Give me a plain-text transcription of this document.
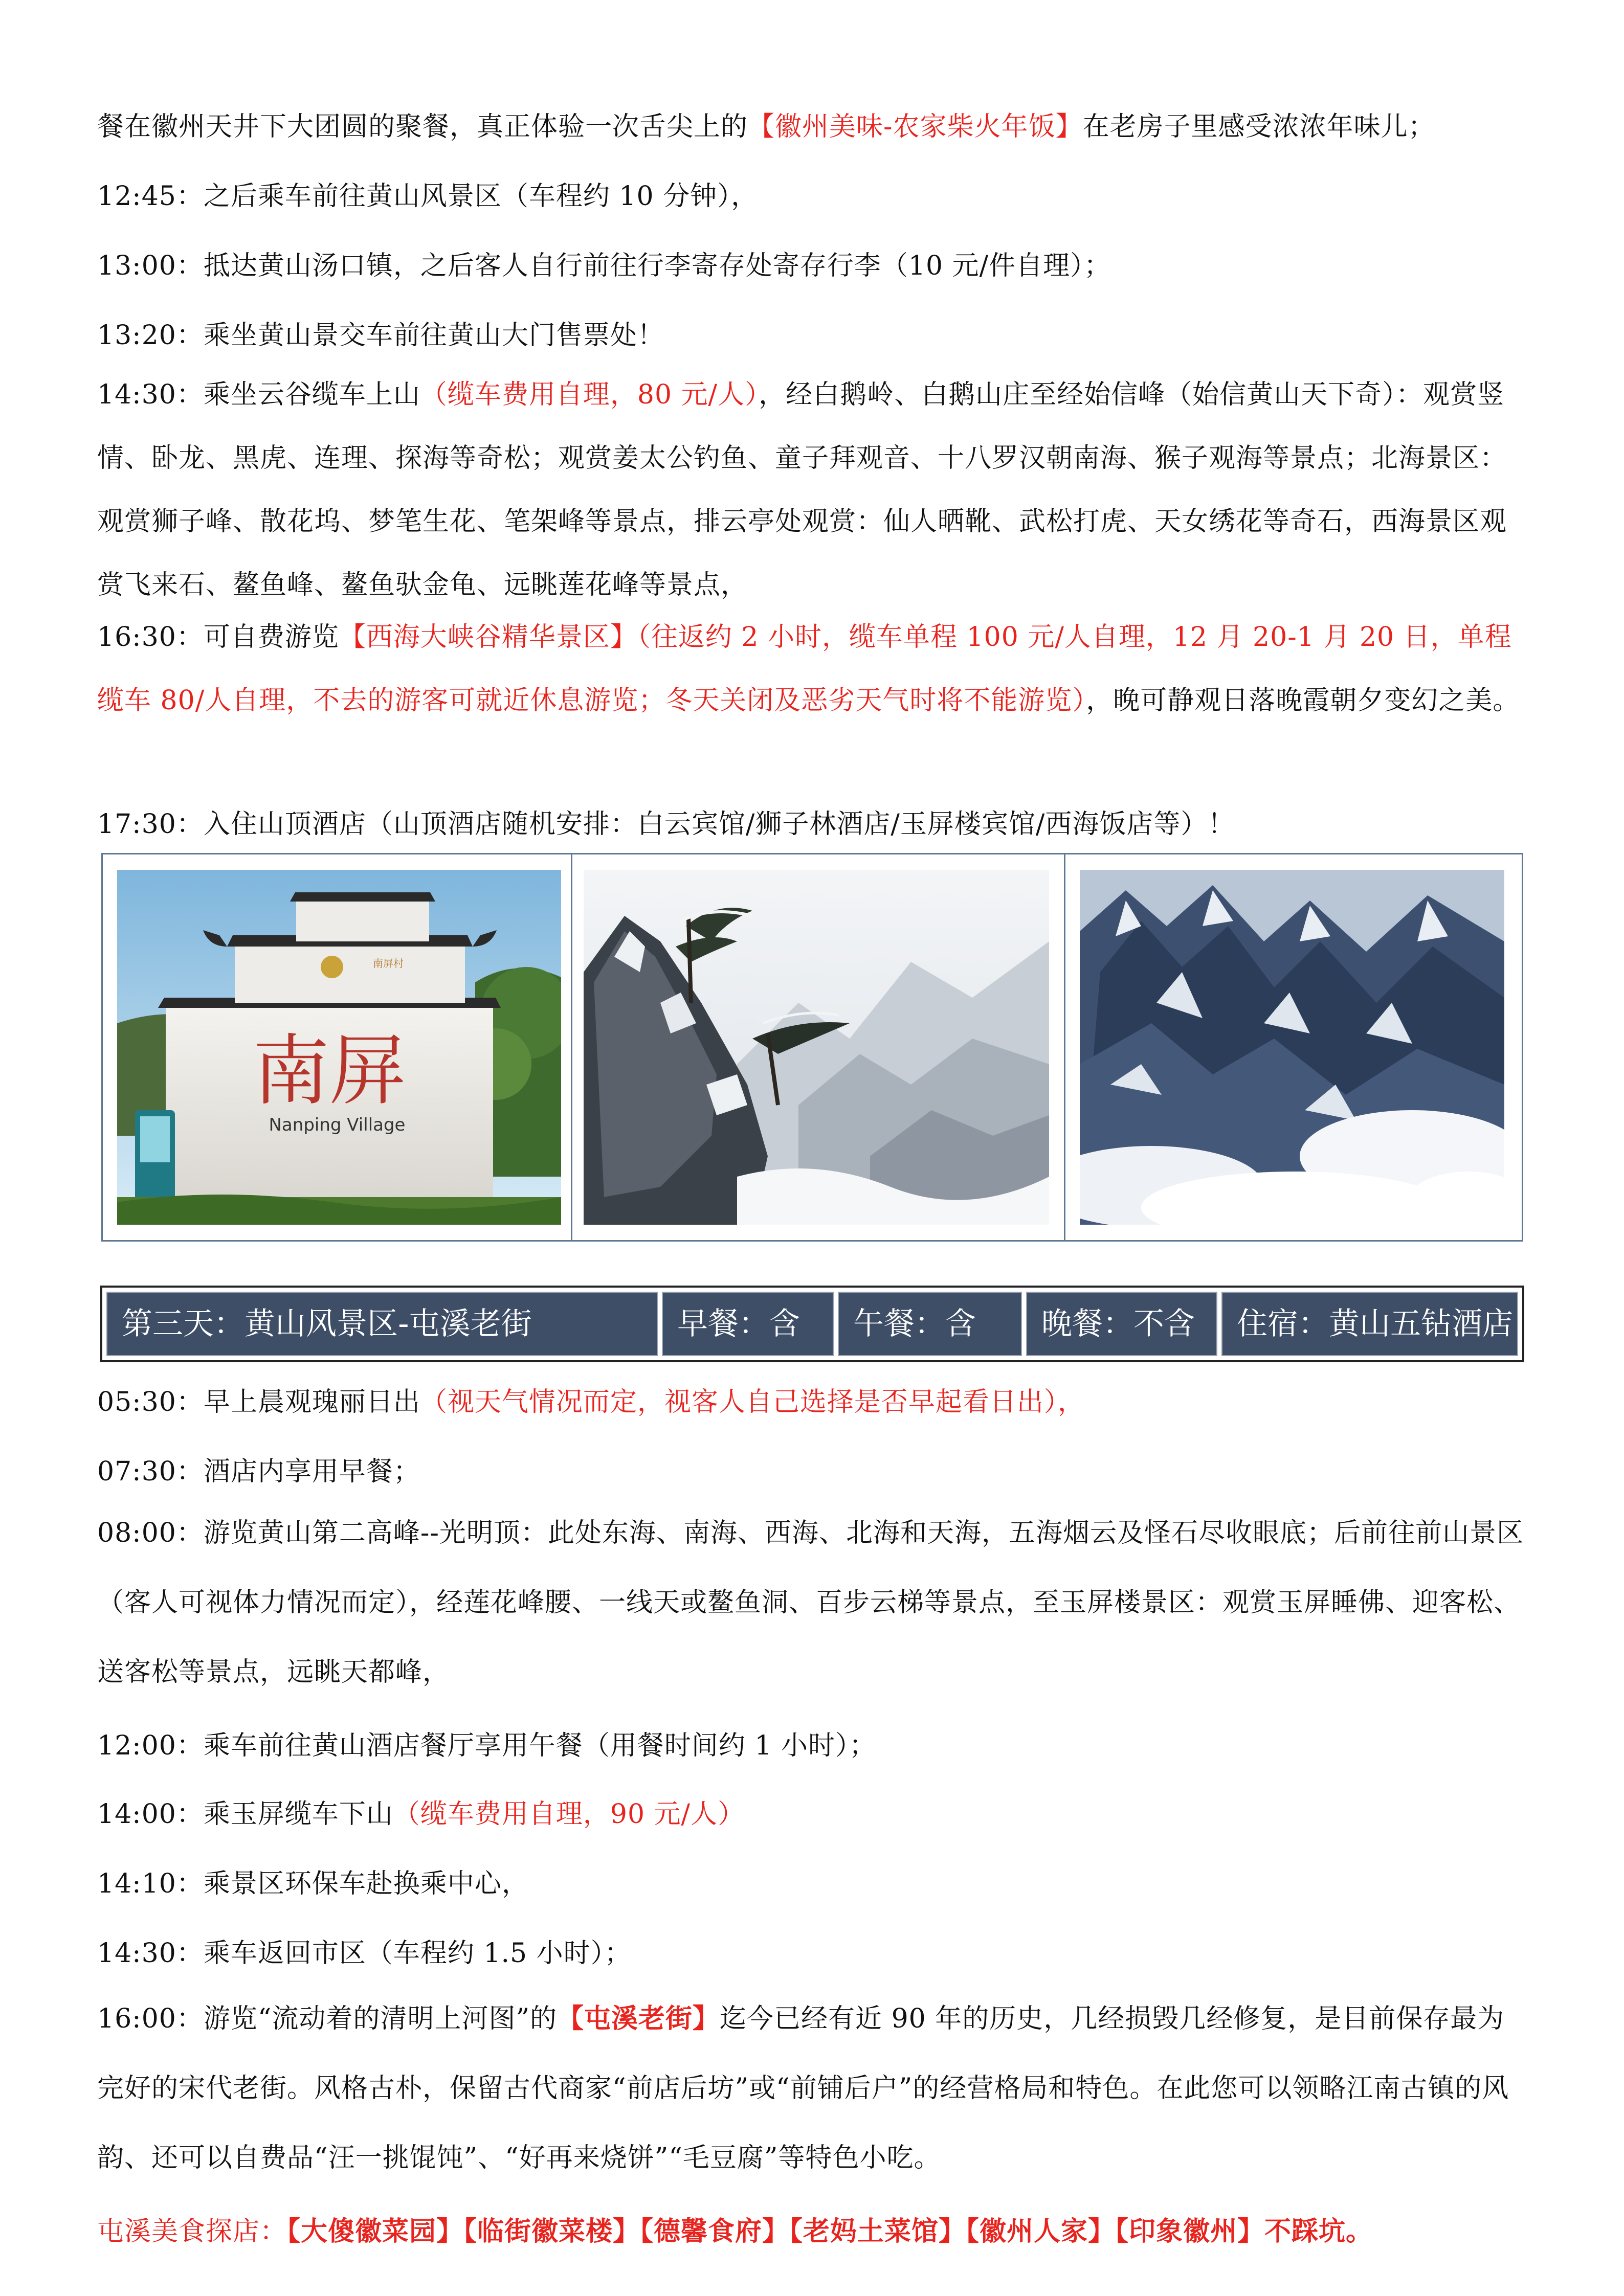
餐在徽州天井下大团圆的聚餐，真正体验一次舌尖上的【徽州美味-农家柴火年饭】在老房子里感受浓浓年味儿；

12:45：之后乘车前往黄山风景区（车程约 10 分钟），

13:00：抵达黄山汤口镇，之后客人自行前往行李寄存处寄存行李（10 元/件自理）；

13:20：乘坐黄山景交车前往黄山大门售票处！

14:30：乘坐云谷缆车上山（缆车费用自理，80 元/人），经白鹅岭、白鹅山庄至经始信峰（始信黄山天下奇）：观赏竖情、卧龙、黑虎、连理、探海等奇松；观赏姜太公钓鱼、童子拜观音、十八罗汉朝南海、猴子观海等景点；北海景区：观赏狮子峰、散花坞、梦笔生花、笔架峰等景点，排云亭处观赏：仙人晒靴、武松打虎、天女绣花等奇石，西海景区观赏飞来石、鳌鱼峰、鳌鱼驮金龟、远眺莲花峰等景点，

16:30：可自费游览【西海大峡谷精华景区】（往返约 2 小时，缆车单程 100 元/人自理，12 月 20-1 月 20 日，单程缆车 80/人自理，不去的游客可就近休息游览；冬天关闭及恶劣天气时将不能游览），晚可静观日落晚霞朝夕变幻之美。

17:30：入住山顶酒店（山顶酒店随机安排：白云宾馆/狮子林酒店/玉屏楼宾馆/西海饭店等）！

南屏
Nanping Village
南屏村
第三天：黄山风景区-屯溪老街	早餐：含	午餐：含	晚餐：不含	住宿：黄山五钻酒店

05:30：早上晨观瑰丽日出（视天气情况而定，视客人自己选择是否早起看日出），

07:30：酒店内享用早餐；

08:00：游览黄山第二高峰--光明顶：此处东海、南海、西海、北海和天海，五海烟云及怪石尽收眼底；后前往前山景区（客人可视体力情况而定），经莲花峰腰、一线天或鳌鱼洞、百步云梯等景点，至玉屏楼景区：观赏玉屏睡佛、迎客松、送客松等景点，远眺天都峰，

12:00：乘车前往黄山酒店餐厅享用午餐（用餐时间约 1 小时）；

14:00：乘玉屏缆车下山（缆车费用自理，90 元/人）

14:10：乘景区环保车赴换乘中心，

14:30：乘车返回市区（车程约 1.5 小时）；

16:00：游览“流动着的清明上河图”的【屯溪老街】迄今已经有近 90 年的历史，几经损毁几经修复，是目前保存最为完好的宋代老街。风格古朴，保留古代商家“前店后坊”或“前铺后户”的经营格局和特色。在此您可以领略江南古镇的风韵、还可以自费品“汪一挑馄饨”、“好再来烧饼”“毛豆腐”等特色小吃。

屯溪美食探店：【大傻徽菜园】【临街徽菜楼】【德馨食府】【老妈土菜馆】【徽州人家】【印象徽州】不踩坑。
